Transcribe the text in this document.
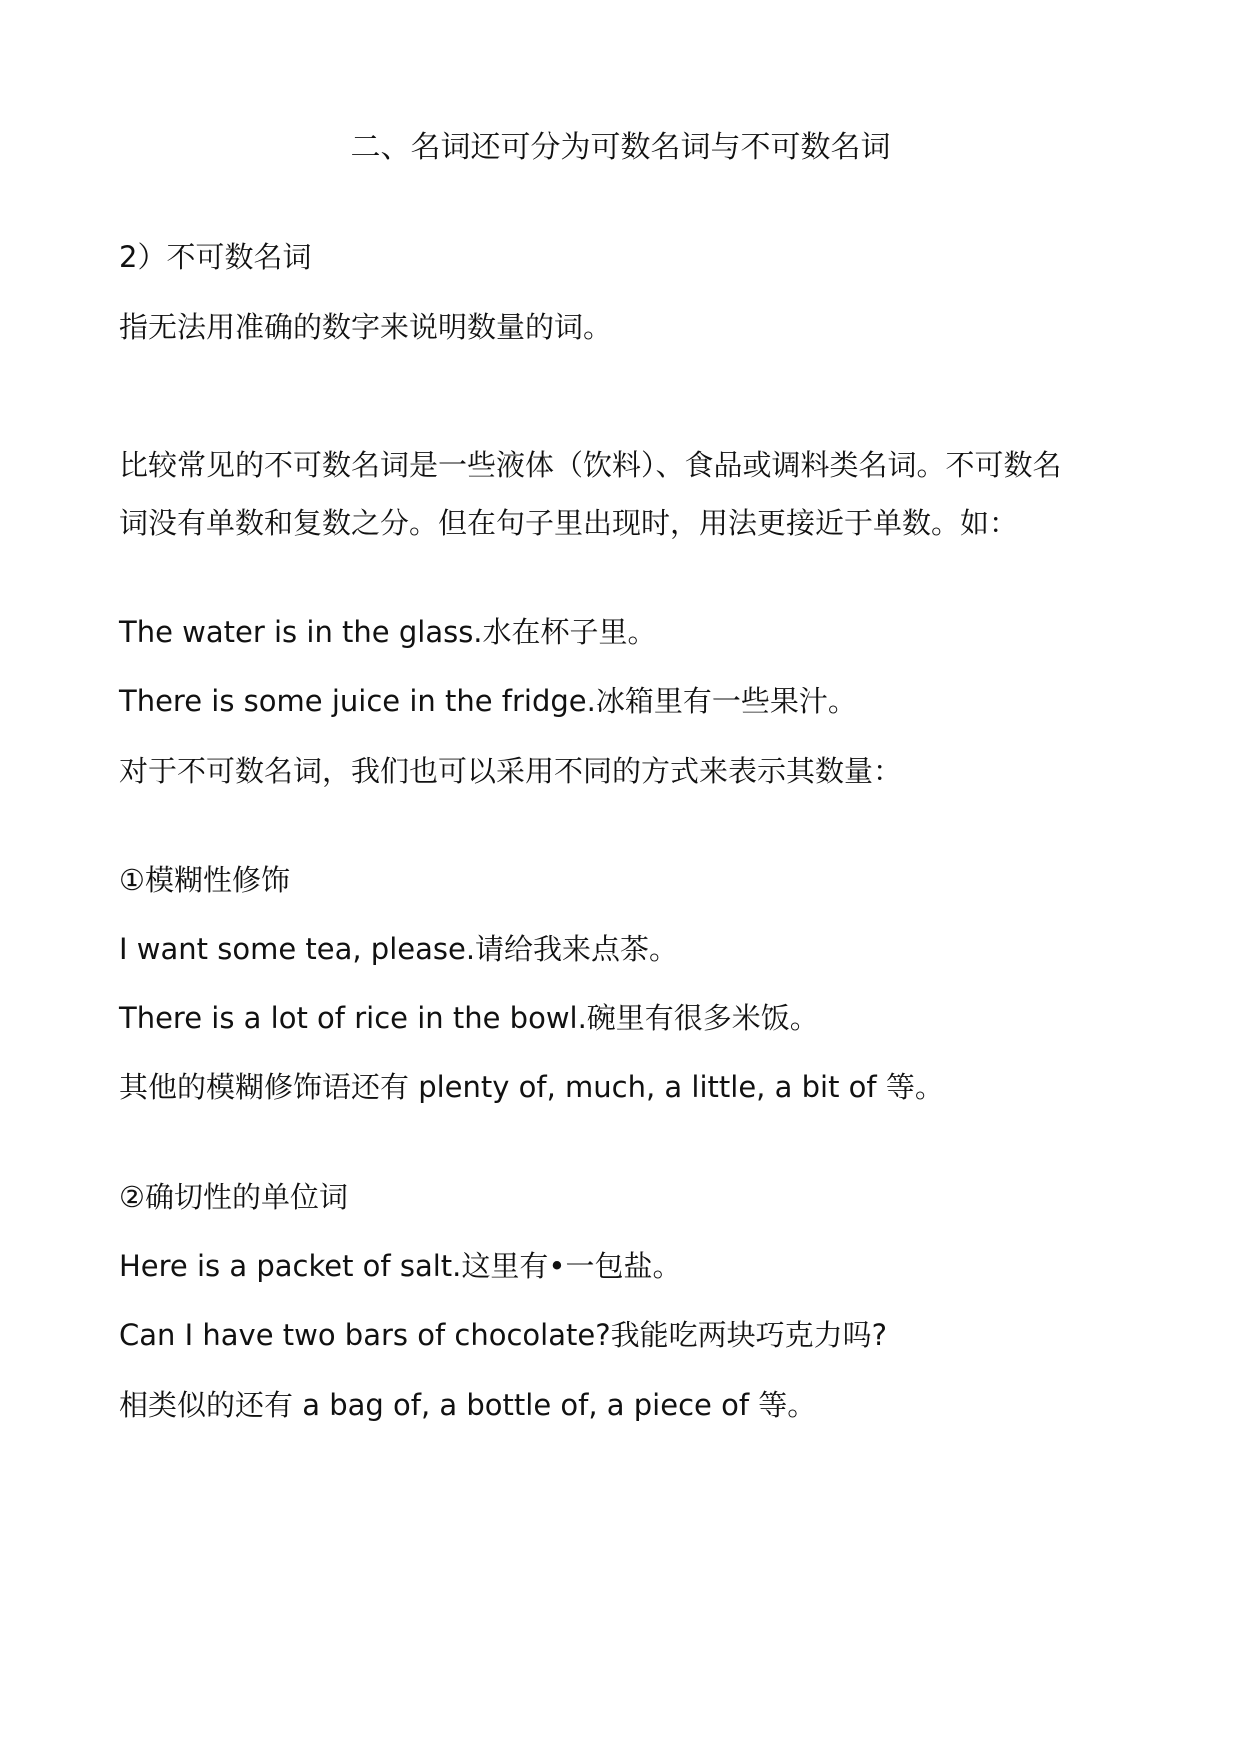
二、名词还可分为可数名词与不可数名词
2）不可数名词
指无法用准确的数字来说明数量的词。
比较常见的不可数名词是一些液体（饮料）、食品或调料类名词。不可数名
词没有单数和复数之分。但在句子里出现时，用法更接近于单数。如：
The water is in the glass.水在杯子里。
There is some juice in the fridge.冰箱里有一些果汁。
对于不可数名词，我们也可以采用不同的方式来表示其数量：
①模糊性修饰
I want some tea, please.请给我来点茶。
There is a lot of rice in the bowl.碗里有很多米饭。
其他的模糊修饰语还有 plenty of, much, a little, a bit of 等。
②确切性的单位词
Here is a packet of salt.这里有•一包盐。
Can I have two bars of chocolate?我能吃两块巧克力吗?
相类似的还有 a bag of, a bottle of, a piece of 等。
